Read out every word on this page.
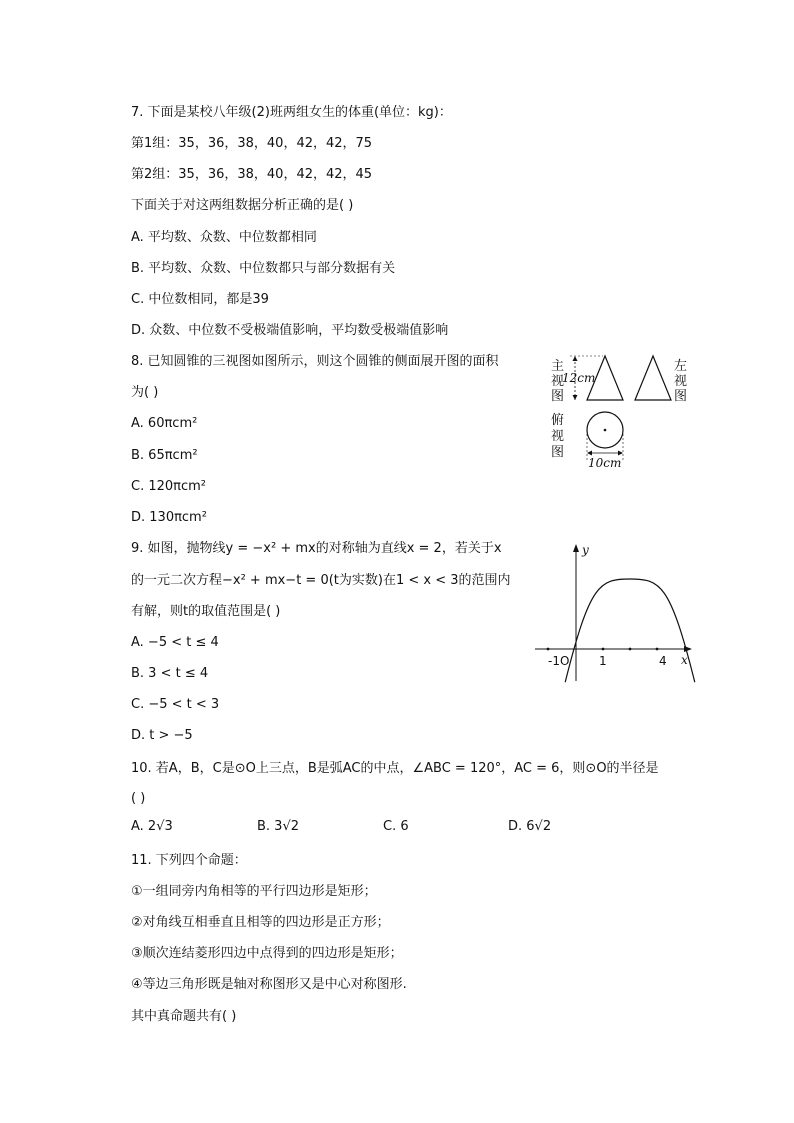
7. 下面是某校八年级(2)班两组女生的体重(单位：kg)：
第1组：35，36，38，40，42，42，75
第2组：35，36，38，40，42，42，45
下面关于对这两组数据分析正确的是( )
A. 平均数、众数、中位数都相同
B. 平均数、众数、中位数都只与部分数据有关
C. 中位数相同，都是39
D. 众数、中位数不受极端值影响，平均数受极端值影响
8. 已知圆锥的三视图如图所示，则这个圆锥的侧面展开图的面积
为( )
A. 60πcm²
B. 65πcm²
C. 120πcm²
D. 130πcm²
主
视
图
左
视
图
俯
视
图
12cm
10cm
9. 如图，抛物线y = −x² + mx的对称轴为直线x = 2，若关于x
的一元二次方程−x² + mx−t = 0(t为实数)在1 < x < 3的范围内
有解，则t的取值范围是( )
A. −5 < t ≤ 4
B. 3 < t ≤ 4
C. −5 < t < 3
D. t > −5
y
x
-1O 1	4
10. 若A，B，C是⊙O上三点，B是弧AC的中点，∠ABC = 120°，AC = 6，则⊙O的半径是
( )
A. 2√3	B. 3√2	C. 6	D. 6√2
11. 下列四个命题：
①一组同旁内角相等的平行四边形是矩形；
②对角线互相垂直且相等的四边形是正方形；
③顺次连结菱形四边中点得到的四边形是矩形；
④等边三角形既是轴对称图形又是中心对称图形.
其中真命题共有( )
